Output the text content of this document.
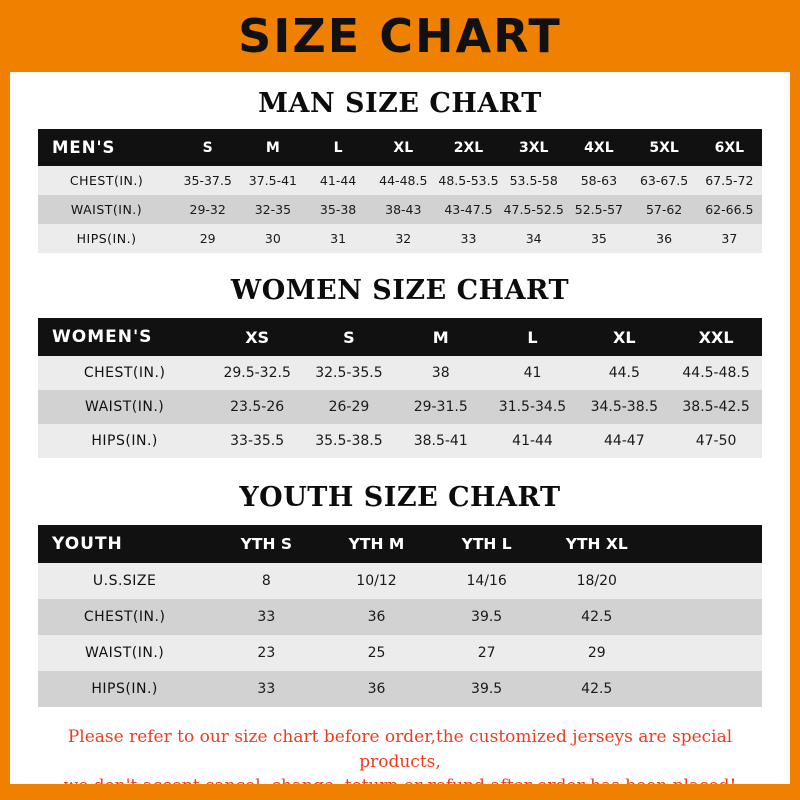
SIZE CHART
MAN SIZE CHART
MEN'S	S	M	L	XL	2XL	3XL	4XL	5XL	6XL
CHEST(IN.)	35-37.5	37.5-41	41-44	44-48.5	48.5-53.5	53.5-58	58-63	63-67.5	67.5-72
WAIST(IN.)	29-32	32-35	35-38	38-43	43-47.5	47.5-52.5	52.5-57	57-62	62-66.5
HIPS(IN.)	29	30	31	32	33	34	35	36	37
WOMEN SIZE CHART
WOMEN'S	XS	S	M	L	XL	XXL
CHEST(IN.)	29.5-32.5	32.5-35.5	38	41	44.5	44.5-48.5
WAIST(IN.)	23.5-26	26-29	29-31.5	31.5-34.5	34.5-38.5	38.5-42.5
HIPS(IN.)	33-35.5	35.5-38.5	38.5-41	41-44	44-47	47-50
YOUTH SIZE CHART
YOUTH	YTH S	YTH M	YTH L	YTH XL	
U.S.SIZE	8	10/12	14/16	18/20	
CHEST(IN.)	33	36	39.5	42.5	
WAIST(IN.)	23	25	27	29	
HIPS(IN.)	33	36	39.5	42.5	
Please refer to our size chart before order,the customized jerseys are special products,
